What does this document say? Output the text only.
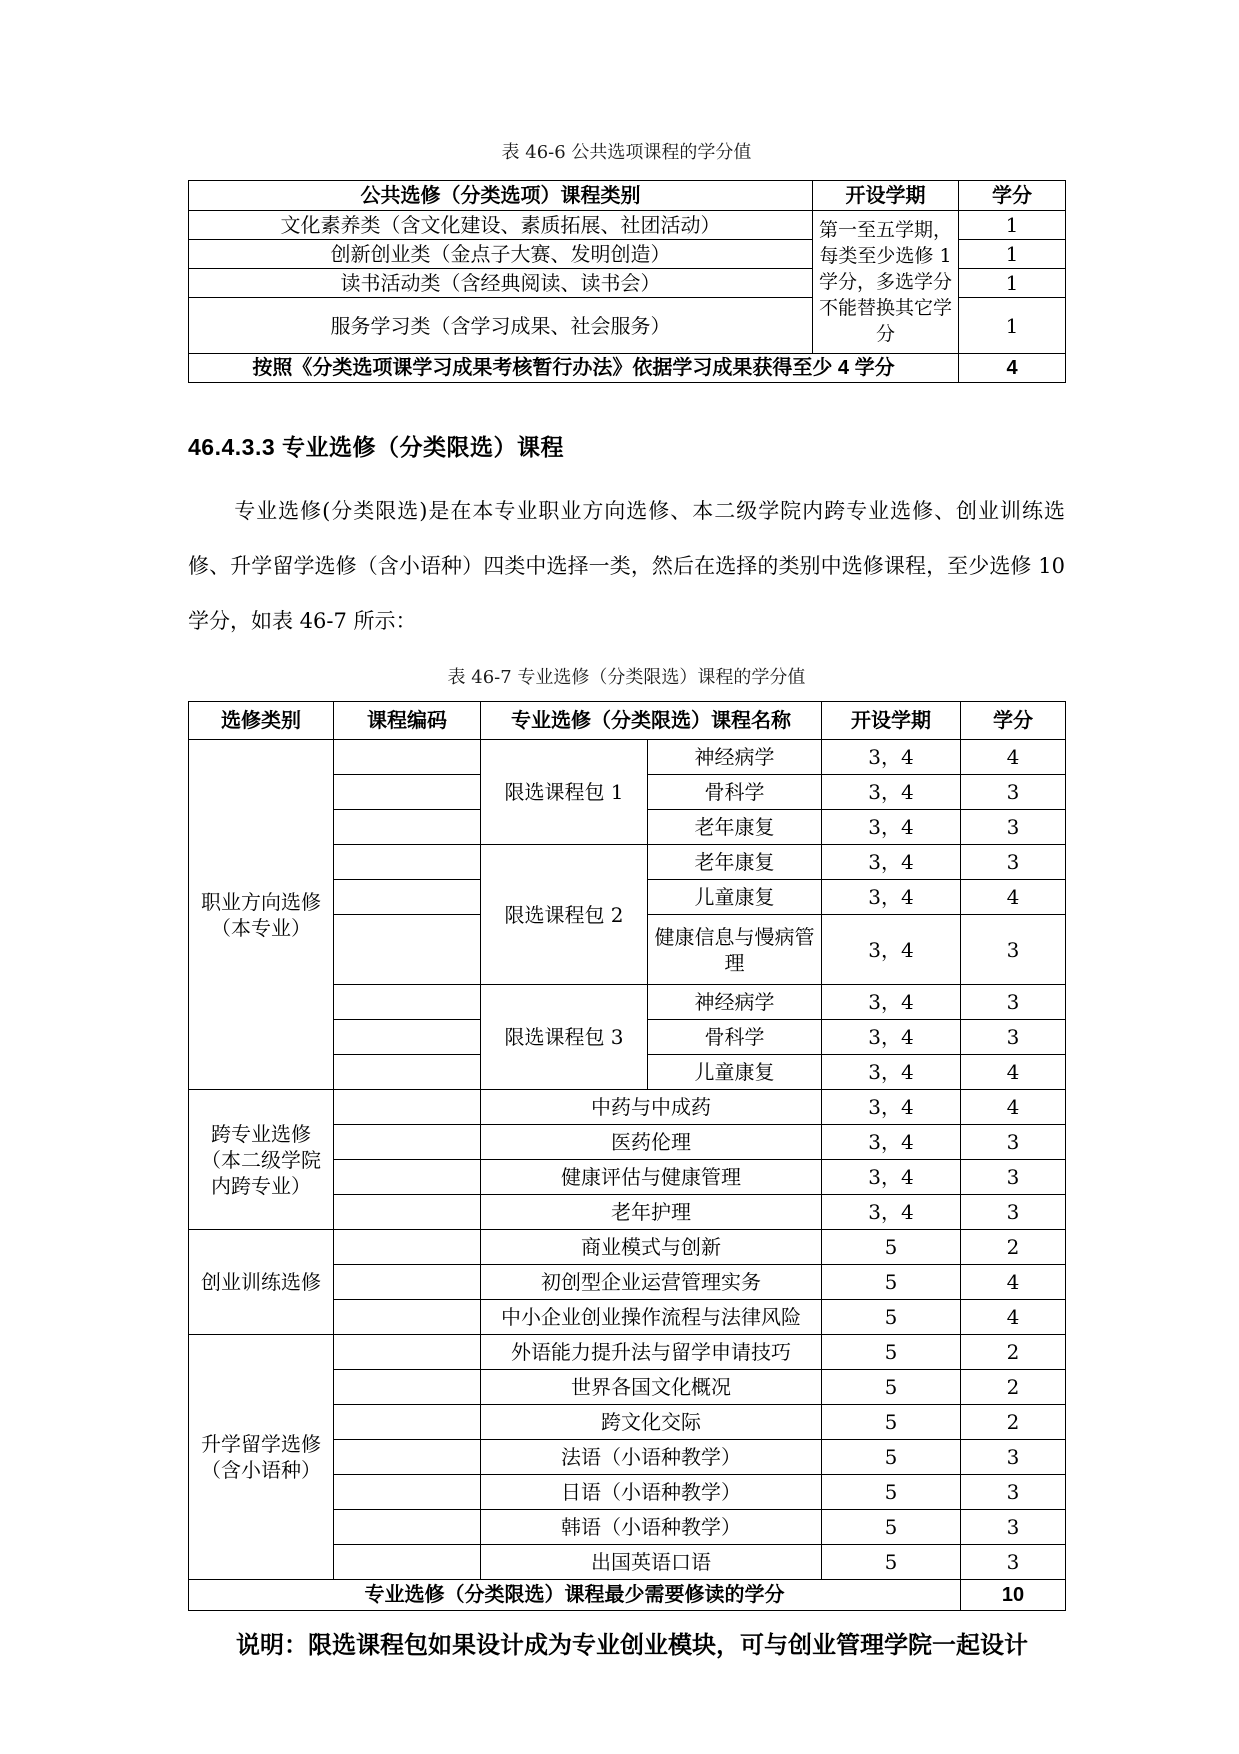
表 46-6 公共选项课程的学分值
公共选修（分类选项）课程类别	开设学期	学分
文化素养类（含文化建设、素质拓展、社团活动）	第一至五学期，每类至少选修 1 学分，多选学分不能替换其它学分	1
创新创业类（金点子大赛、发明创造）		1
读书活动类（含经典阅读、读书会）		1
服务学习类（含学习成果、社会服务）		1
按照《分类选项课学习成果考核暂行办法》依据学习成果获得至少 4 学分		4
46.4.3.3 专业选修（分类限选）课程

专业选修(分类限选)是在本专业职业方向选修、本二级学院内跨专业选修、创业训练选修、升学留学选修（含小语种）四类中选择一类，然后在选择的类别中选修课程，至少选修 10 学分，如表 46-7 所示：

表 46-7 专业选修（分类限选）课程的学分值
选修类别	课程编码	专业选修（分类限选）课程名称		开设学期	学分
职业方向选修（本专业）		限选课程包 1	神经病学	3，4	4
			骨科学	3，4	3
			老年康复	3，4	3
		限选课程包 2	老年康复	3，4	3
			儿童康复	3，4	4
			健康信息与慢病管理	3，4	3
		限选课程包 3	神经病学	3，4	3
			骨科学	3，4	3
			儿童康复	3，4	4
跨专业选修（本二级学院内跨专业）		中药与中成药		3，4	4
		医药伦理		3，4	3
		健康评估与健康管理		3，4	3
		老年护理		3，4	3
创业训练选修		商业模式与创新		5	2
		初创型企业运营管理实务		5	4
		中小企业创业操作流程与法律风险		5	4
升学留学选修（含小语种）		外语能力提升法与留学申请技巧		5	2
		世界各国文化概况		5	2
		跨文化交际		5	2
		法语（小语种教学）		5	3
		日语（小语种教学）		5	3
		韩语（小语种教学）		5	3
		出国英语口语		5	3
专业选修（分类限选）课程最少需要修读的学分					10

说明：限选课程包如果设计成为专业创业模块，可与创业管理学院一起设计
